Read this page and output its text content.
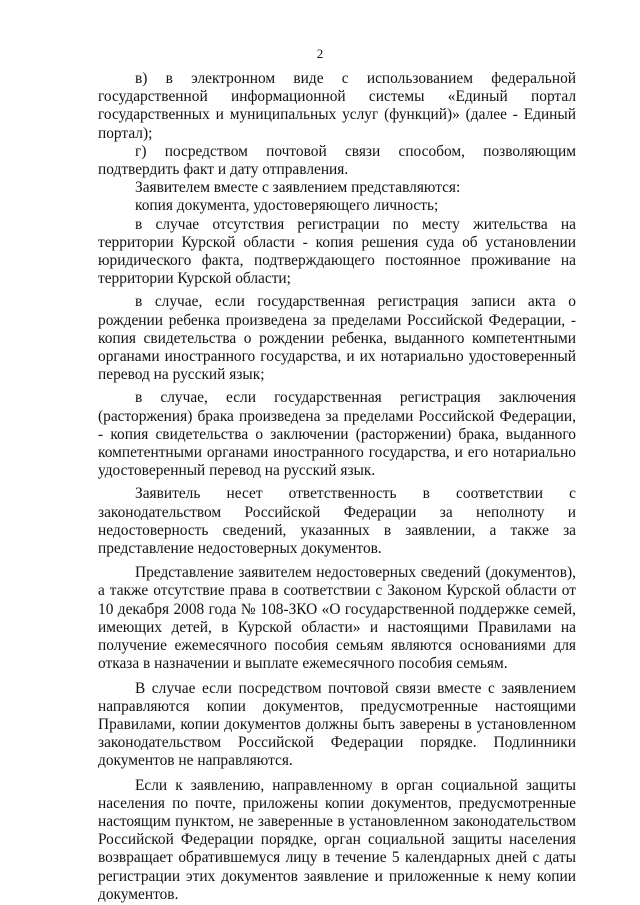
2

в) в электронном виде с использованием федеральной государственной информационной системы «Единый портал государственных и муниципальных услуг (функций)» (далее - Единый портал);

г) посредством почтовой связи способом, позволяющим подтвердить факт и дату отправления.

Заявителем вместе с заявлением представляются:

копия документа, удостоверяющего личность;

в случае отсутствия регистрации по месту жительства на территории Курской области - копия решения суда об установлении юридического факта, подтверждающего постоянное проживание на территории Курской области;

в случае, если государственная регистрация записи акта о рождении ребенка произведена за пределами Российской Федерации, - копия свидетельства о рождении ребенка, выданного компетентными органами иностранного государства, и их нотариально удостоверенный перевод на русский язык;

в случае, если государственная регистрация заключения (расторжения) брака произведена за пределами Российской Федерации, - копия свидетельства о заключении (расторжении) брака, выданного компетентными органами иностранного государства, и его нотариально удостоверенный перевод на русский язык.

Заявитель несет ответственность в соответствии с законодательством Российской Федерации за неполноту и недостоверность сведений, указанных в заявлении, а также за представление недостоверных документов.

Представление заявителем недостоверных сведений (документов), а также отсутствие права в соответствии с Законом Курской области от 10 декабря 2008 года № 108-ЗКО «О государственной поддержке семей, имеющих детей, в Курской области» и настоящими Правилами на получение ежемесячного пособия семьям являются основаниями для отказа в назначении и выплате ежемесячного пособия семьям.

В случае если посредством почтовой связи вместе с заявлением направляются копии документов, предусмотренные настоящими Правилами, копии документов должны быть заверены в установленном законодательством Российской Федерации порядке. Подлинники документов не направляются.

Если к заявлению, направленному в орган социальной защиты населения по почте, приложены копии документов, предусмотренные настоящим пунктом, не заверенные в установленном законодательством Российской Федерации порядке, орган социальной защиты населения возвращает обратившемуся лицу в течение 5 календарных дней с даты регистрации этих документов заявление и приложенные к нему копии документов.
